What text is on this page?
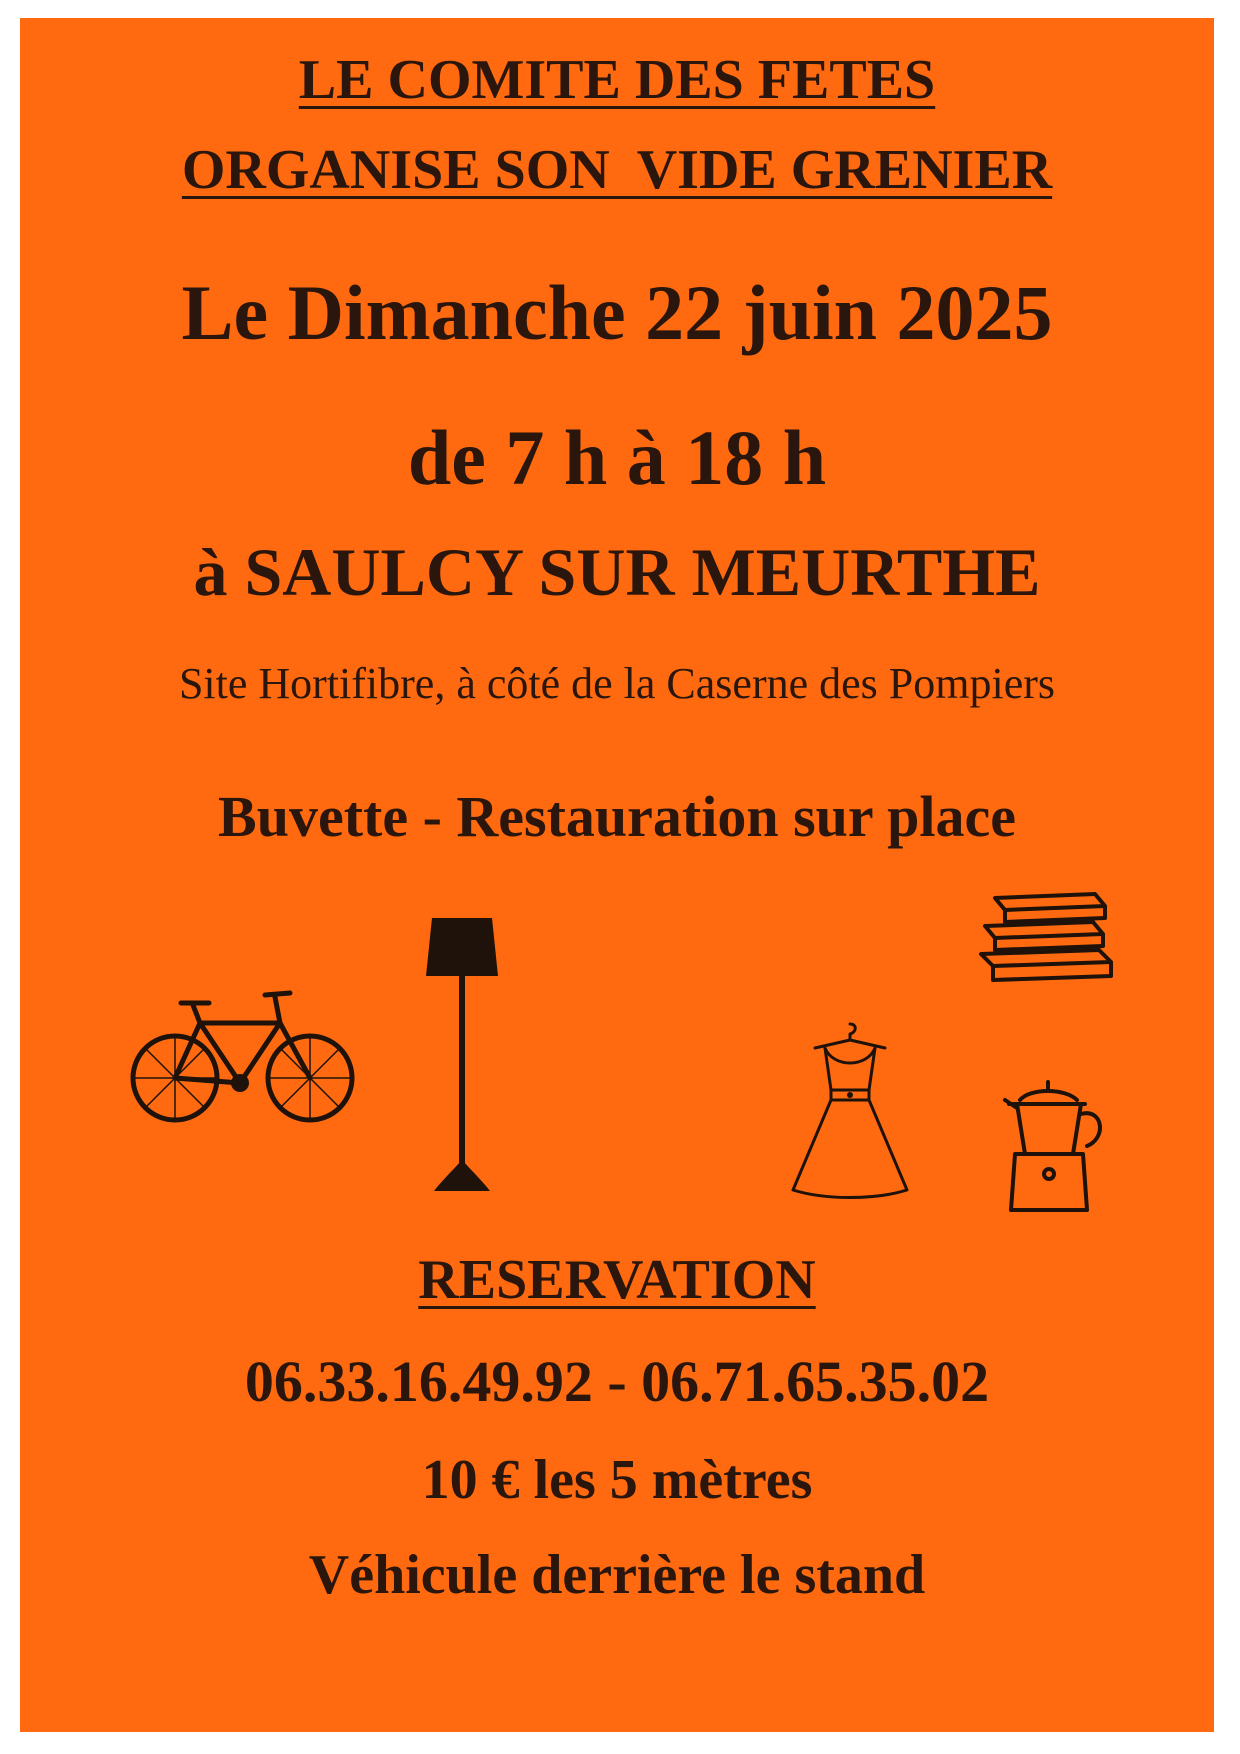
LE COMITE DES FETES
ORGANISE SON  VIDE GRENIER
Le Dimanche 22 juin 2025
de 7 h à 18 h
à SAULCY SUR MEURTHE
Site Hortifibre, à côté de la Caserne des Pompiers
Buvette - Restauration sur place
RESERVATION
06.33.16.49.92 - 06.71.65.35.02
10 € les 5 mètres
Véhicule derrière le stand
